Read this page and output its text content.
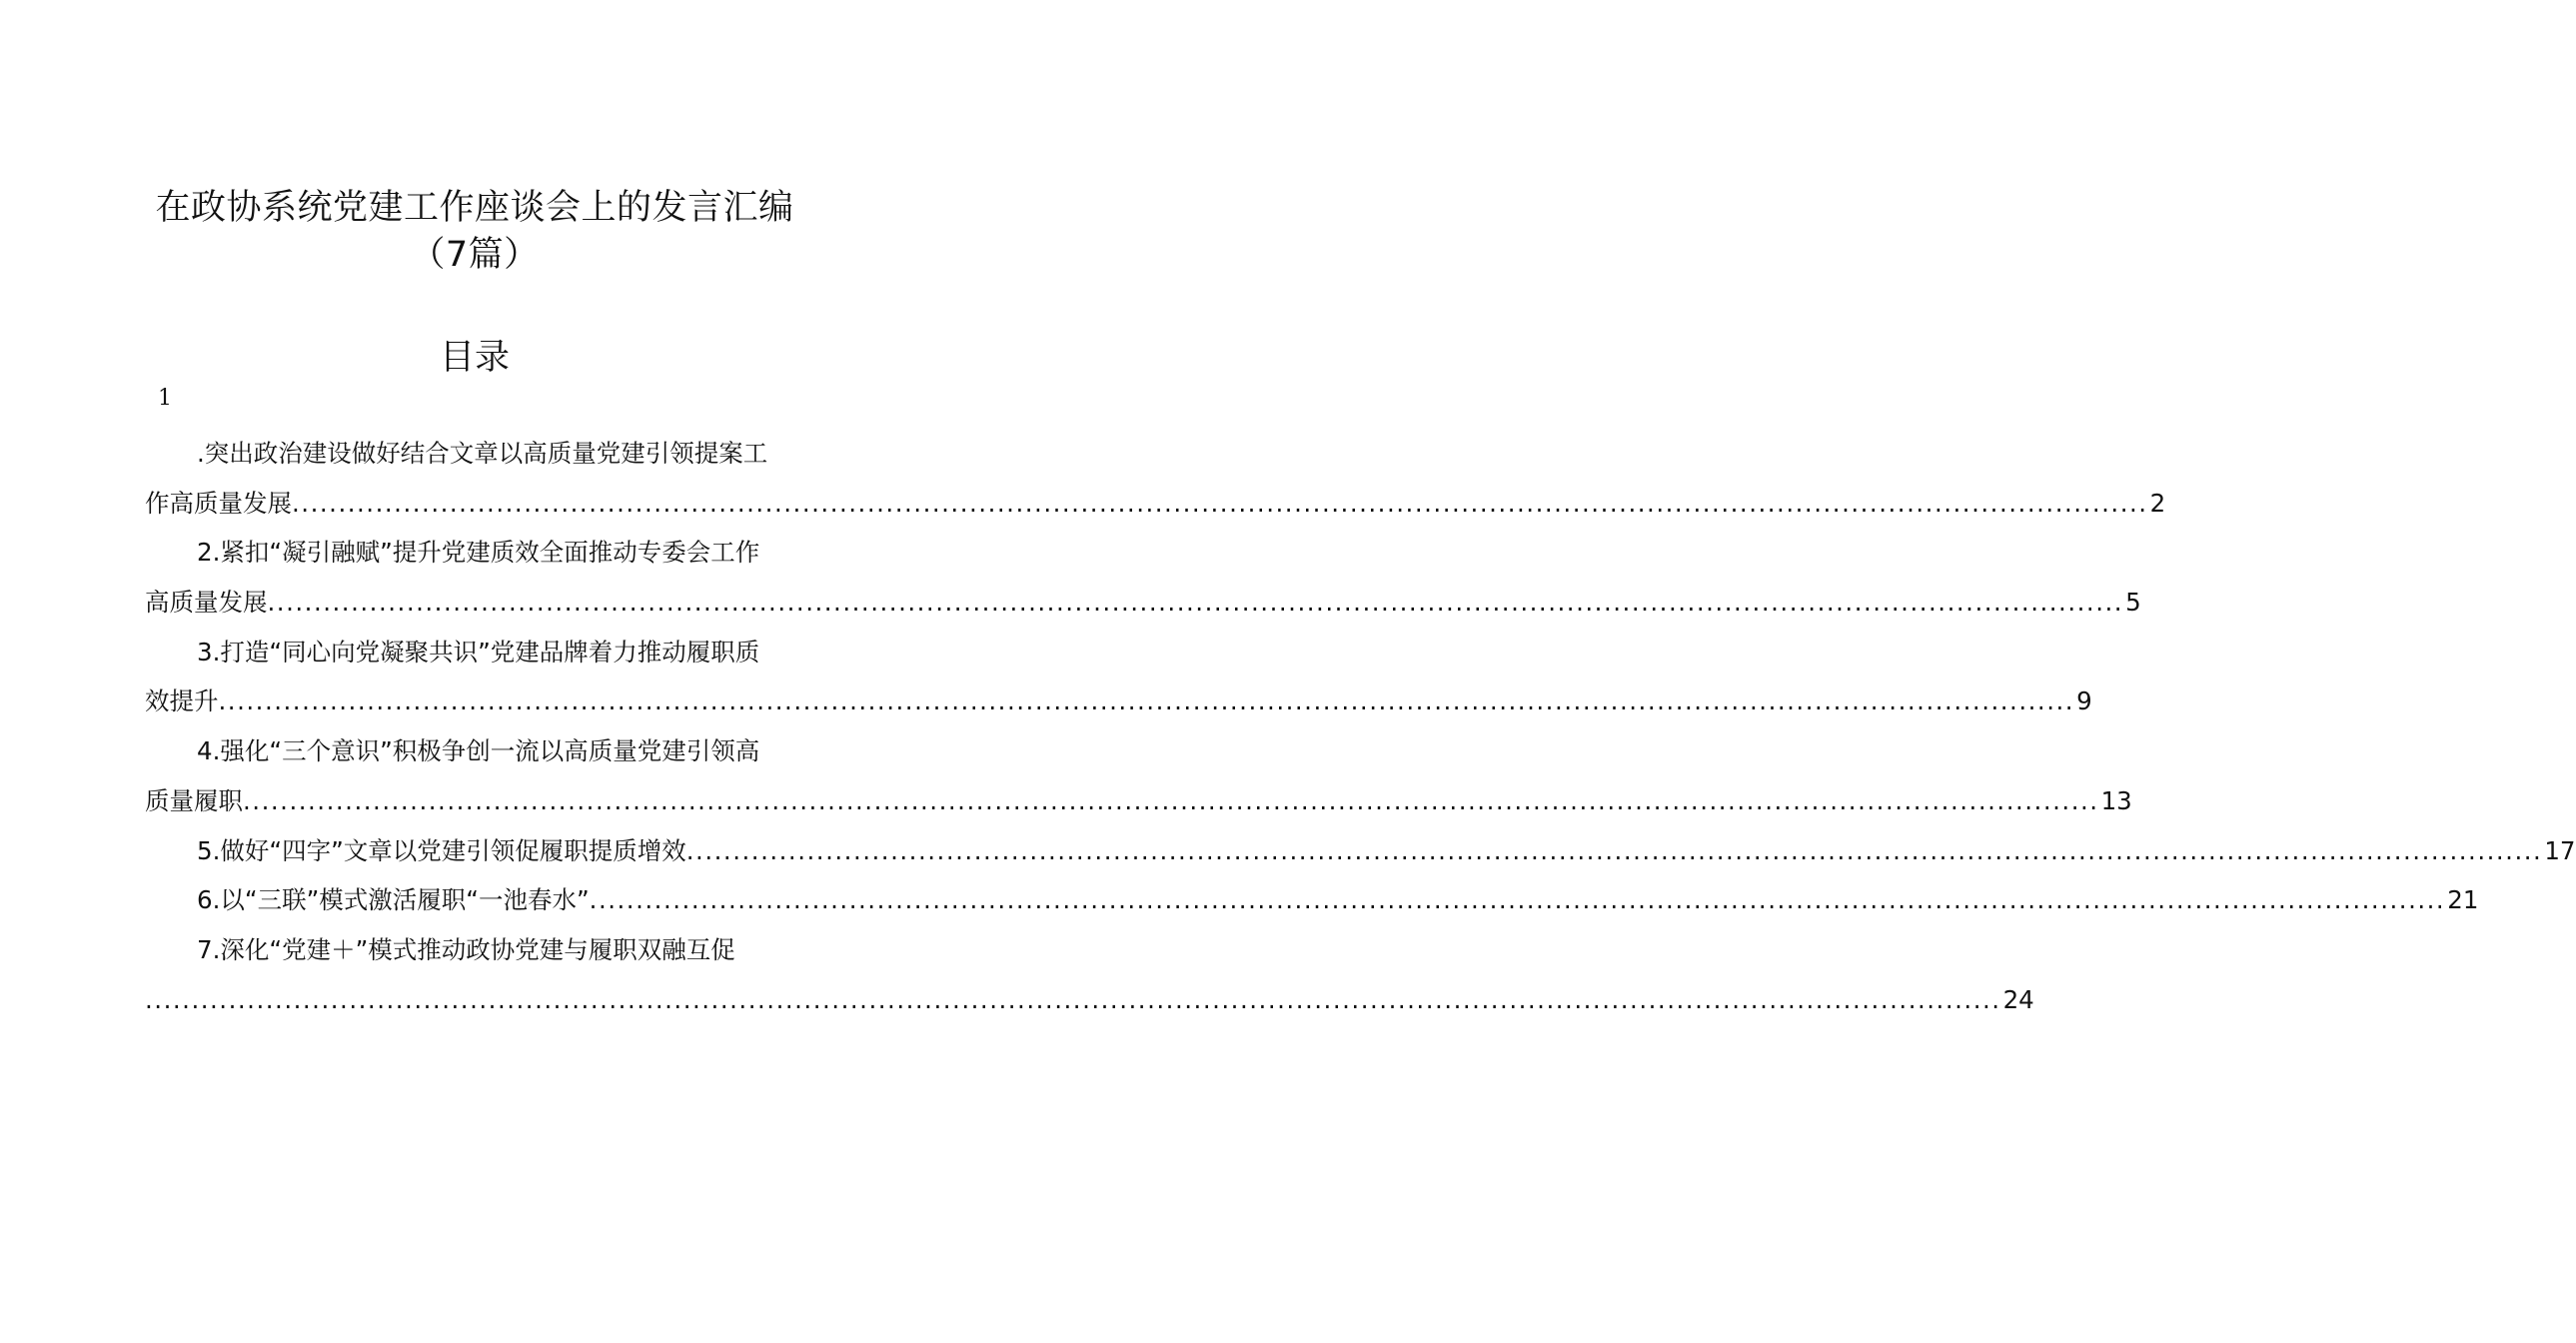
在政协系统党建工作座谈会上的发言汇编
（7篇）
目录
1
.突出政治建设做好结合文章以高质量党建引领提案工
作高质量发展 ........................................................................................................................................................................................................ 2
2.紧扣“凝引融赋”提升党建质效全面推动专委会工作
高质量发展 ........................................................................................................................................................................................................ 5
3.打造“同心向党凝聚共识”党建品牌着力推动履职质
效提升 ........................................................................................................................................................................................................ 9
4.强化“三个意识”积极争创一流以高质量党建引领高
质量履职 ........................................................................................................................................................................................................ 13
5.做好“四字”文章以党建引领促履职提质增效 ........................................................................................................................................................................................................ 17
6.以“三联”模式激活履职“一池春水” ........................................................................................................................................................................................................ 21
7.深化“党建＋”模式推动政协党建与履职双融互促
........................................................................................................................................................................................................ 24
